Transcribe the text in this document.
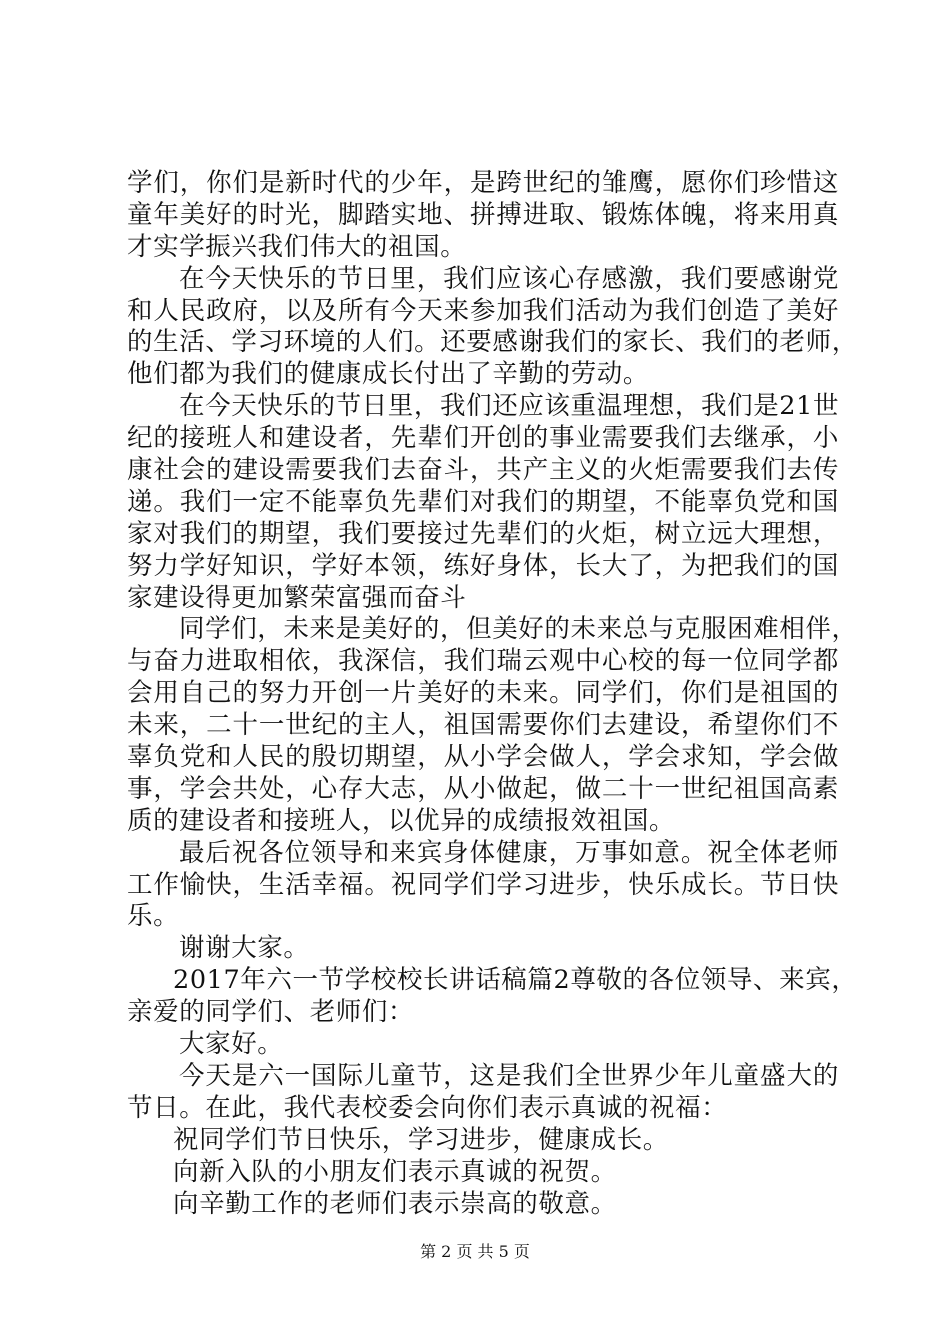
学们，你们是新时代的少年，是跨世纪的雏鹰，愿你们珍惜这
童年美好的时光，脚踏实地、拼搏进取、锻炼体魄，将来用真
才实学振兴我们伟大的祖国。
在今天快乐的节日里，我们应该心存感激，我们要感谢党
和人民政府，以及所有今天来参加我们活动为我们创造了美好
的生活、学习环境的人们。还要感谢我们的家长、我们的老师，
他们都为我们的健康成长付出了辛勤的劳动。
在今天快乐的节日里，我们还应该重温理想，我们是21世
纪的接班人和建设者，先辈们开创的事业需要我们去继承，小
康社会的建设需要我们去奋斗，共产主义的火炬需要我们去传
递。我们一定不能辜负先辈们对我们的期望，不能辜负党和国
家对我们的期望，我们要接过先辈们的火炬，树立远大理想，
努力学好知识，学好本领，练好身体，长大了，为把我们的国
家建设得更加繁荣富强而奋斗
同学们，未来是美好的，但美好的未来总与克服困难相伴，
与奋力进取相依，我深信，我们瑞云观中心校的每一位同学都
会用自己的努力开创一片美好的未来。同学们，你们是祖国的
未来，二十一世纪的主人，祖国需要你们去建设，希望你们不
辜负党和人民的殷切期望，从小学会做人，学会求知，学会做
事，学会共处，心存大志，从小做起，做二十一世纪祖国高素
质的建设者和接班人，以优异的成绩报效祖国。
最后祝各位领导和来宾身体健康，万事如意。祝全体老师
工作愉快，生活幸福。祝同学们学习进步，快乐成长。节日快
乐。
谢谢大家。
2017年六一节学校校长讲话稿篇2尊敬的各位领导、来宾，
亲爱的同学们、老师们：
大家好。
今天是六一国际儿童节，这是我们全世界少年儿童盛大的
节日。在此，我代表校委会向你们表示真诚的祝福：
祝同学们节日快乐，学习进步，健康成长。
向新入队的小朋友们表示真诚的祝贺。
向辛勤工作的老师们表示崇高的敬意。
第 2 页 共 5 页
